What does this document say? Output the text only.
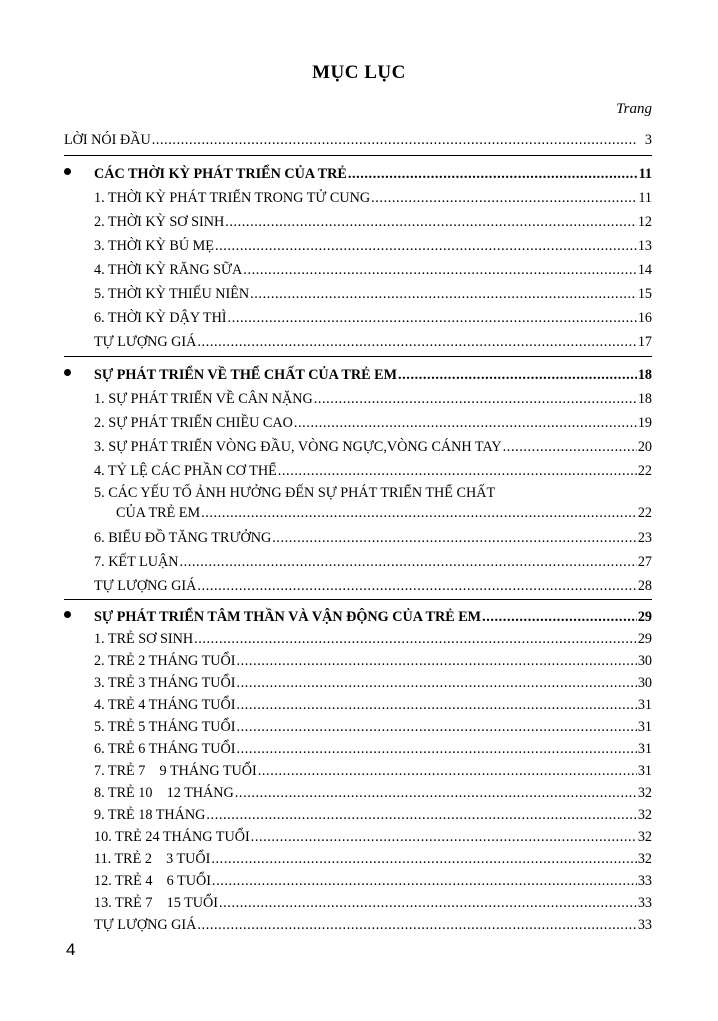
MỤC LỤC
Trang
LỜI NÓI ĐẦU .....	3
CÁC THỜI KỲ PHÁT TRIỂN CỦA TRẺ .....	11
1. THỜI KỲ PHÁT TRIỂN TRONG TỬ CUNG .....	11
2. THỜI KỲ SƠ SINH .....	12
3. THỜI KỲ BÚ MẸ .....	13
4. THỜI KỲ RĂNG SỮA .....	14
5. THỜI KỲ THIẾU NIÊN .....	15
6. THỜI KỲ DẬY THÌ .....	16
TỰ LƯỢNG GIÁ .....	17
SỰ PHÁT TRIỂN VỀ THỂ CHẤT CỦA TRẺ EM .....	18
1. SỰ PHÁT TRIỂN VỀ CÂN NẶNG .....	18
2. SỰ PHÁT TRIỂN CHIỀU CAO .....	19
3. SỰ PHÁT TRIỂN VÒNG ĐẦU, VÒNG NGỰC,VÒNG CÁNH TAY .....	20
4. TỶ LỆ CÁC PHẦN CƠ THỂ .....	22
5. CÁC YẾU TỐ ẢNH HƯỞNG ĐẾN SỰ PHÁT TRIỂN THỂ CHẤT
CỦA TRẺ EM .....	22
6. BIỂU ĐỒ TĂNG TRƯỞNG .....	23
7. KẾT LUẬN .....	27
TỰ LƯỢNG GIÁ .....	28
SỰ PHÁT TRIỂN TÂM THẦN VÀ VẬN ĐỘNG CỦA TRẺ EM .....	29
1. TRẺ SƠ SINH .....	29
2. TRẺ 2 THÁNG TUỔI .....	30
3. TRẺ 3 THÁNG TUỔI .....	30
4. TRẺ 4 THÁNG TUỔI .....	31
5. TRẺ 5 THÁNG TUỔI .....	31
6. TRẺ 6 THÁNG TUỔI .....	31
7. TRẺ 7    9 THÁNG TUỔI .....	31
8. TRẺ 10    12 THÁNG .....	32
9. TRẺ 18 THÁNG .....	32
10. TRẺ 24 THÁNG TUỔI .....	32
11. TRẺ 2    3 TUỔI .....	32
12. TRẺ 4    6 TUỔI .....	33
13. TRẺ 7    15 TUỔI .....	33
TỰ LƯỢNG GIÁ .....	33
4
